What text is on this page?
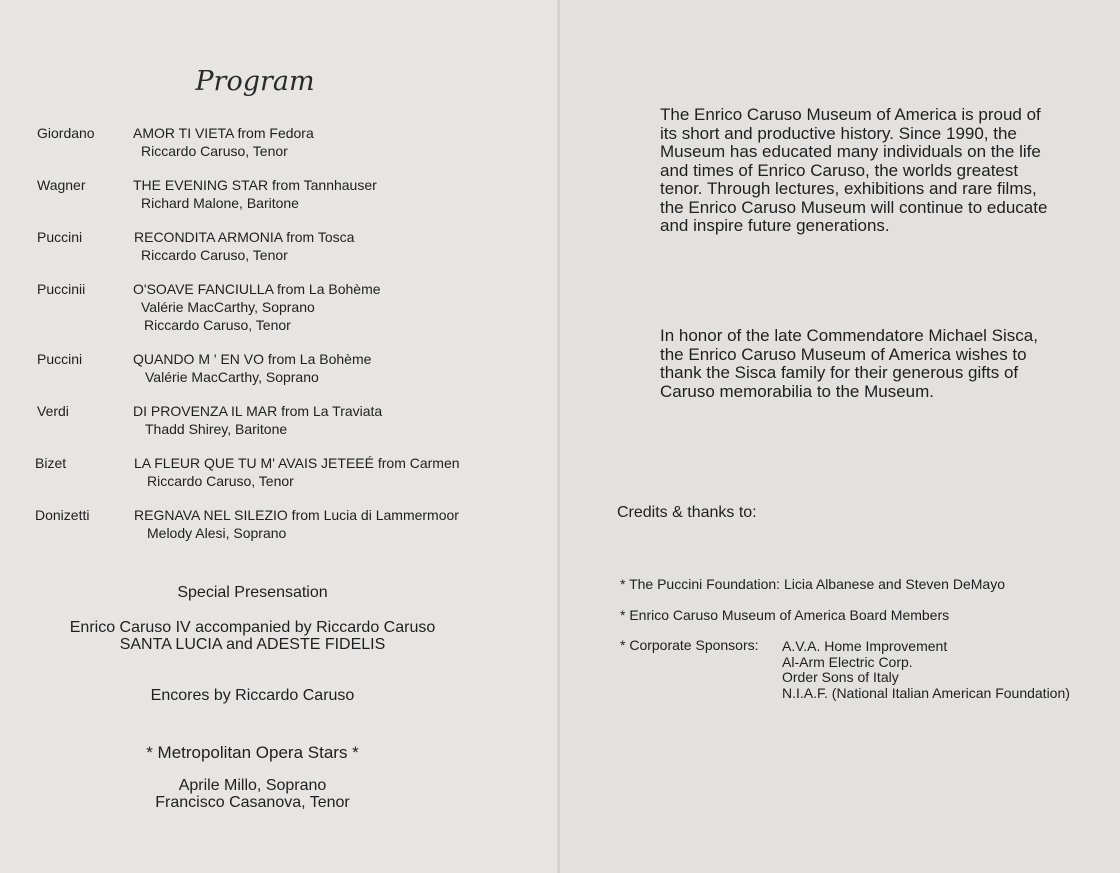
Program
Giordano	AMOR TI VIETA from Fedora
Riccardo Caruso, Tenor
Wagner	THE EVENING STAR from Tannhauser
Richard Malone, Baritone
Puccini	RECONDITA ARMONIA from Tosca
Riccardo Caruso, Tenor
Puccinii	O'SOAVE FANCIULLA from La Bohème
Valérie MacCarthy, Soprano
Riccardo Caruso, Tenor
Puccini	QUANDO M ' EN VO from La Bohème
Valérie MacCarthy, Soprano
Verdi	DI PROVENZA IL MAR from La Traviata
Thadd Shirey, Baritone
Bizet	LA FLEUR QUE TU M' AVAIS JETEEÉ from Carmen
Riccardo Caruso, Tenor
Donizetti	REGNAVA NEL SILEZIO from Lucia di Lammermoor
Melody Alesi, Soprano
Special Presensation
Enrico Caruso IV accompanied by Riccardo Caruso
SANTA LUCIA and ADESTE FIDELIS
Encores by Riccardo Caruso
* Metropolitan Opera Stars *
Aprile Millo, Soprano
Francisco Casanova, Tenor
The Enrico Caruso Museum of America is proud of
its short and productive history. Since 1990, the
Museum has educated many individuals on the life
and times of Enrico Caruso, the worlds greatest
tenor. Through lectures, exhibitions and rare films,
the Enrico Caruso Museum will continue to educate
and inspire future generations.
In honor of the late Commendatore Michael Sisca,
the Enrico Caruso Museum of America wishes to
thank the Sisca family for their generous gifts of
Caruso memorabilia to the Museum.
Credits & thanks to:
* The Puccini Foundation: Licia Albanese and Steven DeMayo
* Enrico Caruso Museum of America Board Members
* Corporate Sponsors: A.V.A. Home Improvement
Al-Arm Electric Corp.
Order Sons of Italy
N.I.A.F. (National Italian American Foundation)
